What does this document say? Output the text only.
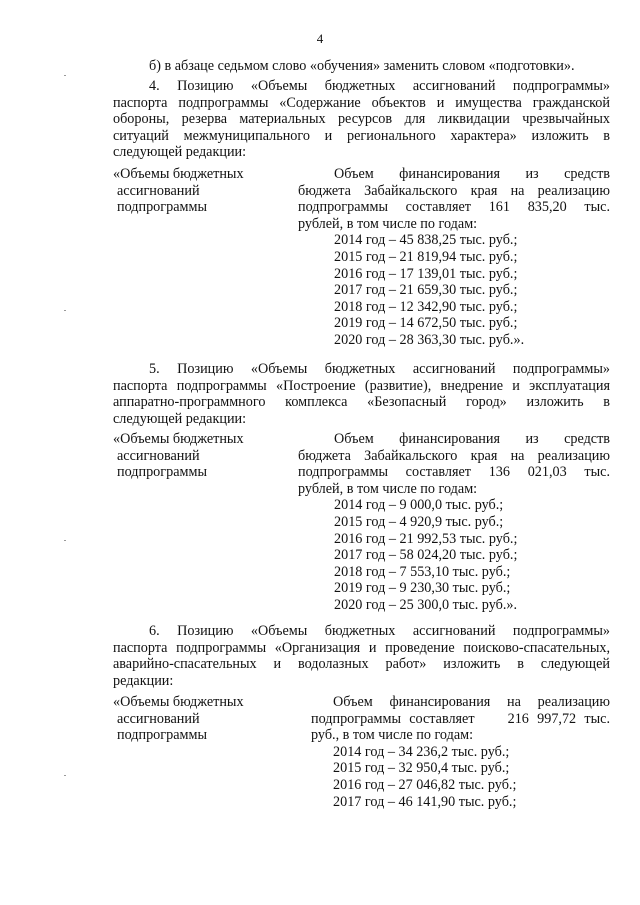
4
б) в абзаце седьмом слово «обучения» заменить словом «подготовки».
4. Позицию «Объемы бюджетных ассигнований подпрограммы»
паспорта подпрограммы «Содержание объектов и имущества гражданской
обороны, резерва материальных ресурсов для ликвидации чрезвычайных
ситуаций межмуниципального и регионального характера» изложить в
следующей редакции:
«Объемы бюджетных
ассигнований
подпрограммы
Объем финансирования из средств
бюджета Забайкальского края на реализацию
подпрограммы составляет 161 835,20 тыс.
рублей, в том числе по годам:
2014 год – 45 838,25 тыс. руб.;
2015 год – 21 819,94 тыс. руб.;
2016 год – 17 139,01 тыс. руб.;
2017 год – 21 659,30 тыс. руб.;
2018 год – 12 342,90 тыс. руб.;
2019 год – 14 672,50 тыс. руб.;
2020 год – 28 363,30 тыс. руб.».
5. Позицию «Объемы бюджетных ассигнований подпрограммы»
паспорта подпрограммы «Построение (развитие), внедрение и эксплуатация
аппаратно-программного комплекса «Безопасный город» изложить в
следующей редакции:
«Объемы бюджетных
ассигнований
подпрограммы
Объем финансирования из средств
бюджета Забайкальского края на реализацию
подпрограммы составляет 136 021,03 тыс.
рублей, в том числе по годам:
2014 год – 9 000,0 тыс. руб.;
2015 год – 4 920,9 тыс. руб.;
2016 год – 21 992,53 тыс. руб.;
2017 год – 58 024,20 тыс. руб.;
2018 год – 7 553,10 тыс. руб.;
2019 год – 9 230,30 тыс. руб.;
2020 год – 25 300,0 тыс. руб.».
6. Позицию «Объемы бюджетных ассигнований подпрограммы»
паспорта подпрограммы «Организация и проведение поисково-спасательных,
аварийно-спасательных и водолазных работ» изложить в следующей
редакции:
«Объемы бюджетных
ассигнований
подпрограммы
Объем финансирования на реализацию
подпрограммы составляет    216 997,72 тыс.
руб., в том числе по годам:
2014 год – 34 236,2 тыс. руб.;
2015 год – 32 950,4 тыс. руб.;
2016 год – 27 046,82 тыс. руб.;
2017 год – 46 141,90 тыс. руб.;
